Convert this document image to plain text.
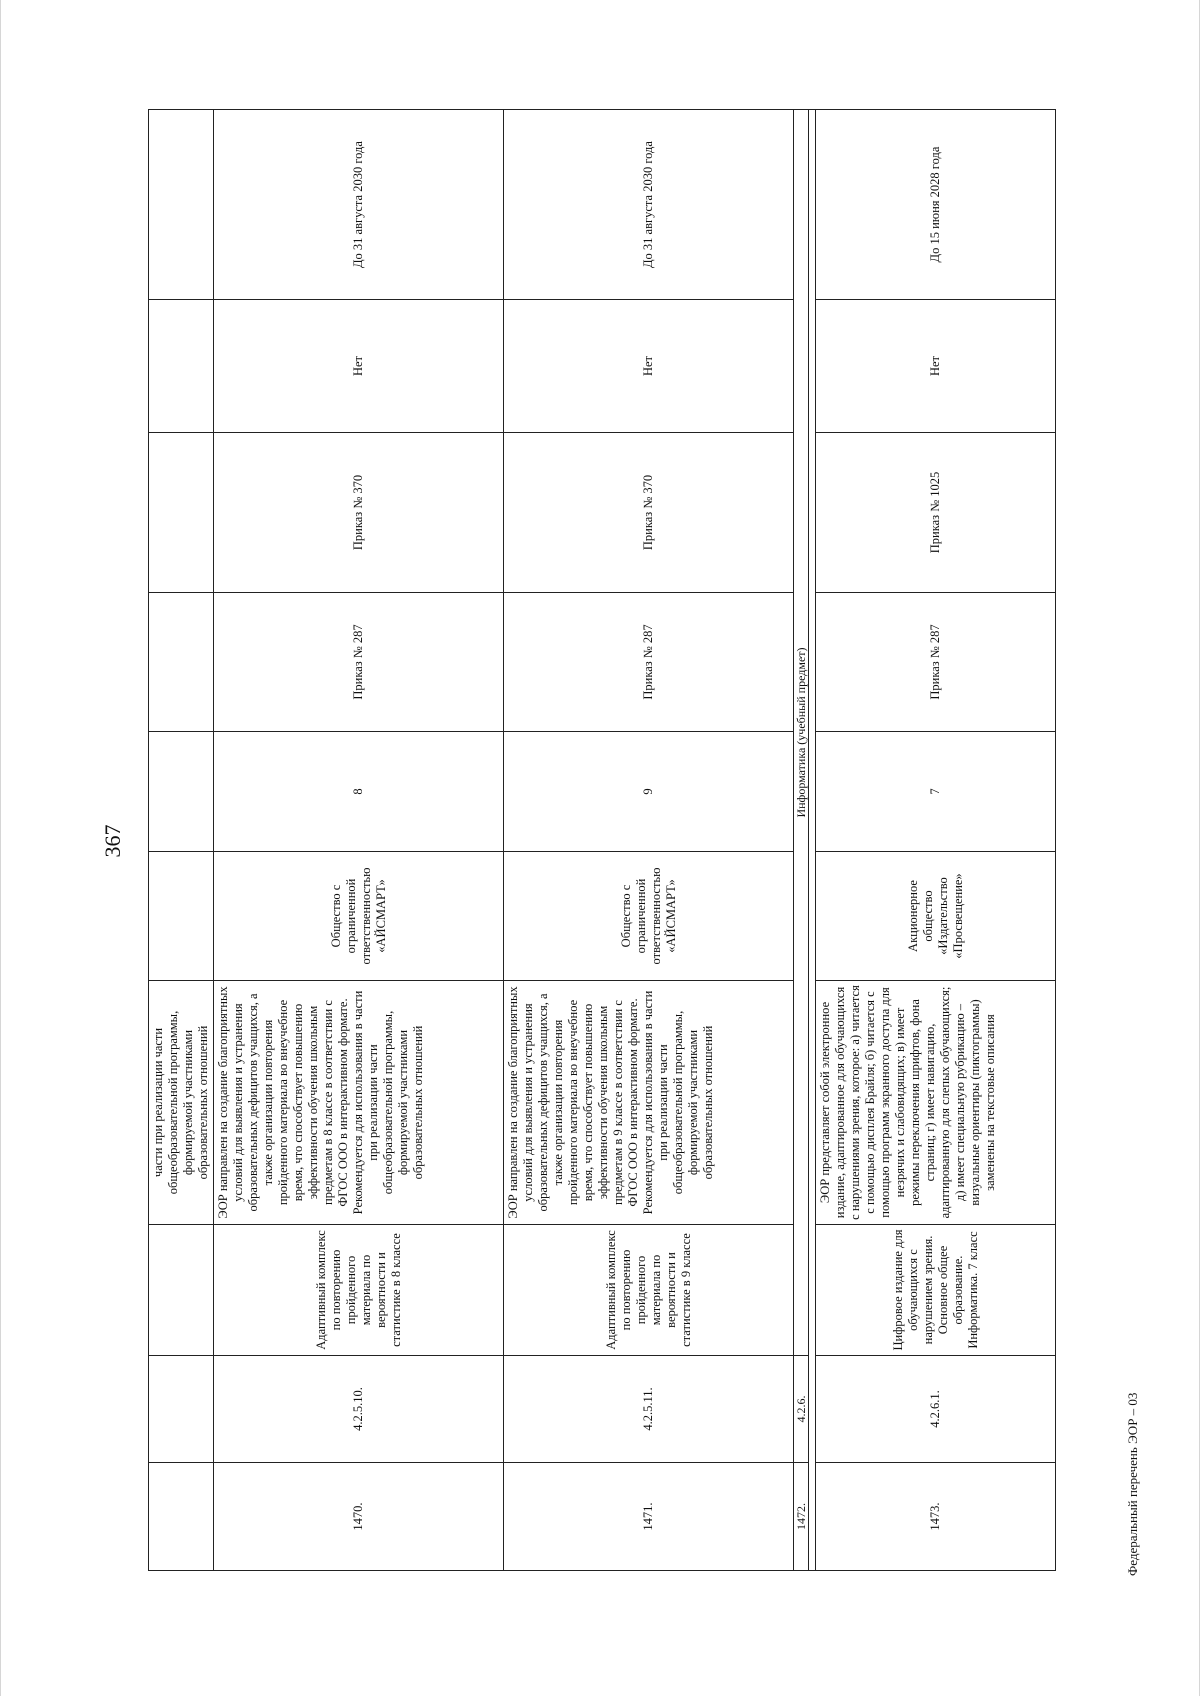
367
			части при реализации части общеобразовательной программы, формируемой участниками образовательных отношений						
1470.	4.2.5.10.	Адаптивный комплекс по повторению пройденного материала по вероятности и статистике в 8 классе	ЭОР направлен на создание благоприятных условий для выявления и устранения образовательных дефицитов учащихся, а также организации повторения пройденного материала во внеучебное время, что способствует повышению эффективности обучения школьным предметам в 8 классе в соответствии с ФГОС ООО в интерактивном формате. Рекомендуется для использования в части при реализации части общеобразовательной программы, формируемой участниками образовательных отношений	Общество с ограниченной ответственностью «АЙСМАРТ»	8	Приказ № 287	Приказ № 370	Нет	До 31 августа 2030 года
1471.	4.2.5.11.	Адаптивный комплекс по повторению пройденного материала по вероятности и статистике в 9 классе	ЭОР направлен на создание благоприятных условий для выявления и устранения образовательных дефицитов учащихся, а также организации повторения пройденного материала во внеучебное время, что способствует повышению эффективности обучения школьным предметам в 9 классе в соответствии с ФГОС ООО в интерактивном формате. Рекомендуется для использования в части при реализации части общеобразовательной программы, формируемой участниками образовательных отношений	Общество с ограниченной ответственностью «АЙСМАРТ»	9	Приказ № 287	Приказ № 370	Нет	До 31 августа 2030 года
1472.	4.2.6.	Информатика (учебный предмет)							

1473.	4.2.6.1.	Цифровое издание для обучающихся с нарушением зрения. Основное общее образование. Информатика. 7 класс	ЭОР представляет собой электронное издание, адаптированное для обучающихся с нарушениями зрения, которое: а) читается с помощью дисплея Брайля; б) читается с помощью программ экранного доступа для незрячих и слабовидящих; в) имеет режимы переключения шрифтов, фона страниц; г) имеет навигацию, адаптированную для слепых обучающихся; д) имеет специальную рубрикацию – визуальные ориентиры (пиктограммы) заменены на текстовые описания	Акционерное общество «Издательство «Просвещение»	7	Приказ № 287	Приказ № 1025	Нет	До 15 июня 2028 года
Федеральный перечень ЭОР – 03
